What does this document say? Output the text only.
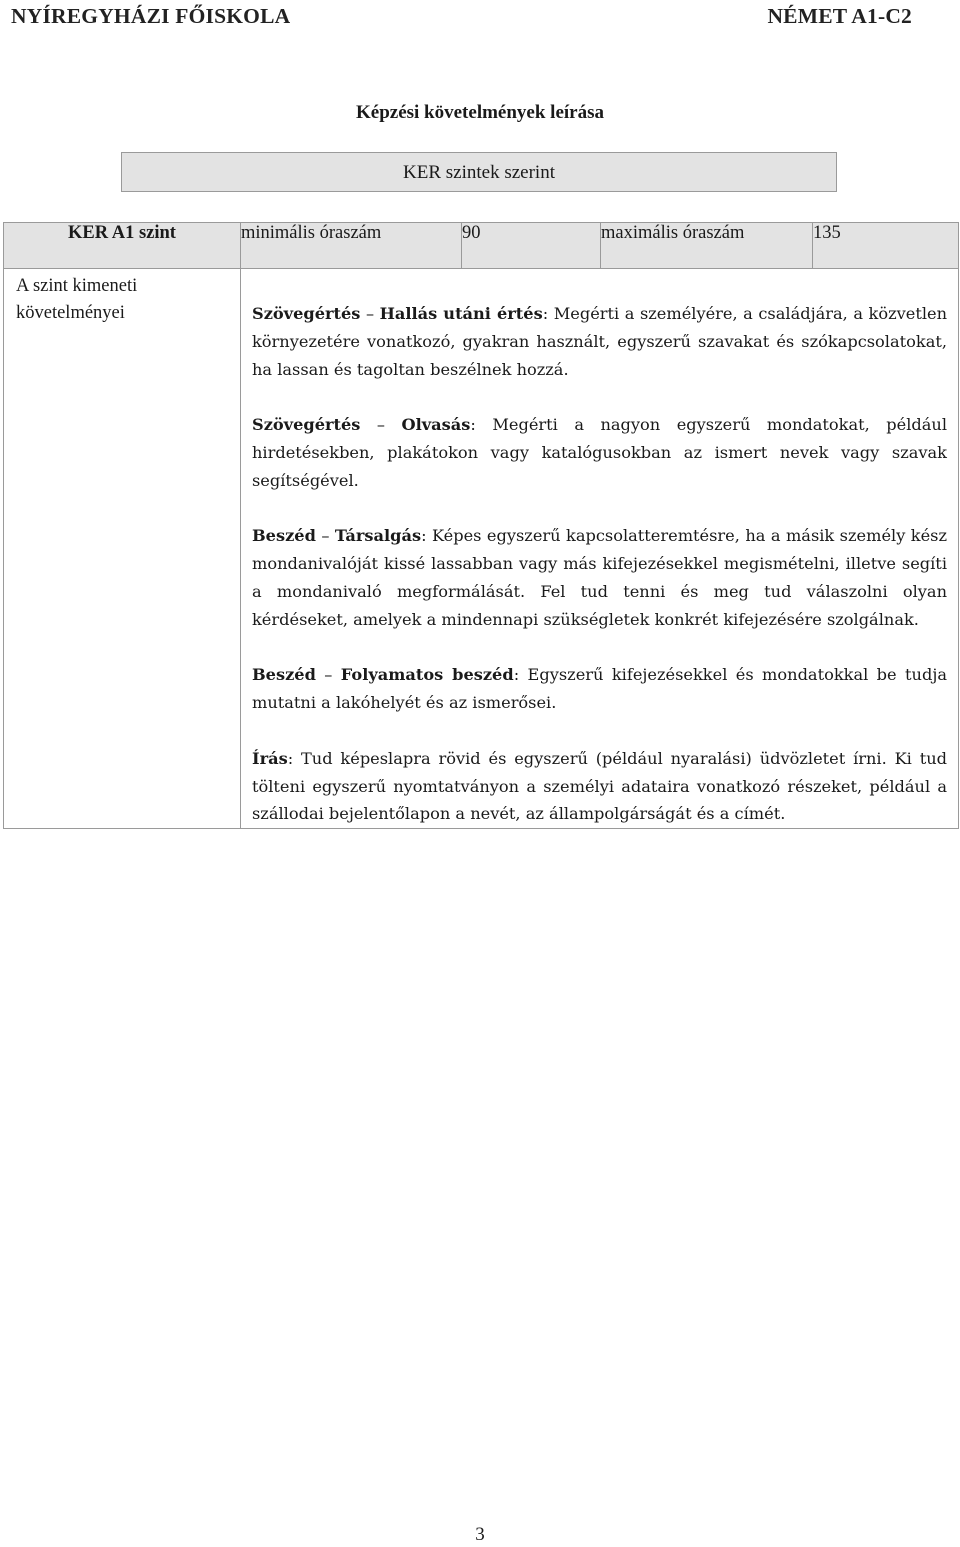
NYÍREGYHÁZI FŐISKOLA	NÉMET A1-C2
Képzési követelmények leírása
KER szintek szerint
KER A1 szint	minimális óraszám	90	maximális óraszám	135
A szint kimeneti követelményei	Szövegértés – Hallás utáni értés: Megérti a személyére, a családjára, a közvetlen környezetére vonatkozó, gyakran használt, egyszerű szavakat és szókapcsolatokat, ha lassan és tagoltan beszélnek hozzá.

Szövegértés – Olvasás: Megérti a nagyon egyszerű mondatokat, például hirdetésekben, plakátokon vagy katalógusokban az ismert nevek vagy szavak segítségével.

Beszéd – Társalgás: Képes egyszerű kapcsolatteremtésre, ha a másik személy kész mondanivalóját kissé lassabban vagy más kifejezésekkel megismételni, illetve segíti a mondanivaló megformálását. Fel tud tenni és meg tud válaszolni olyan kérdéseket, amelyek a mindennapi szükségletek konkrét kifejezésére szolgálnak.

Beszéd – Folyamatos beszéd: Egyszerű kifejezésekkel és mondatokkal be tudja mutatni a lakóhelyét és az ismerősei.

Írás: Tud képeslapra rövid és egyszerű (például nyaralási) üdvözletet írni. Ki tud tölteni egyszerű nyomtatványon a személyi adataira vonatkozó részeket, például a szállodai bejelentőlapon a nevét, az állampolgárságát és a címét.			

3
